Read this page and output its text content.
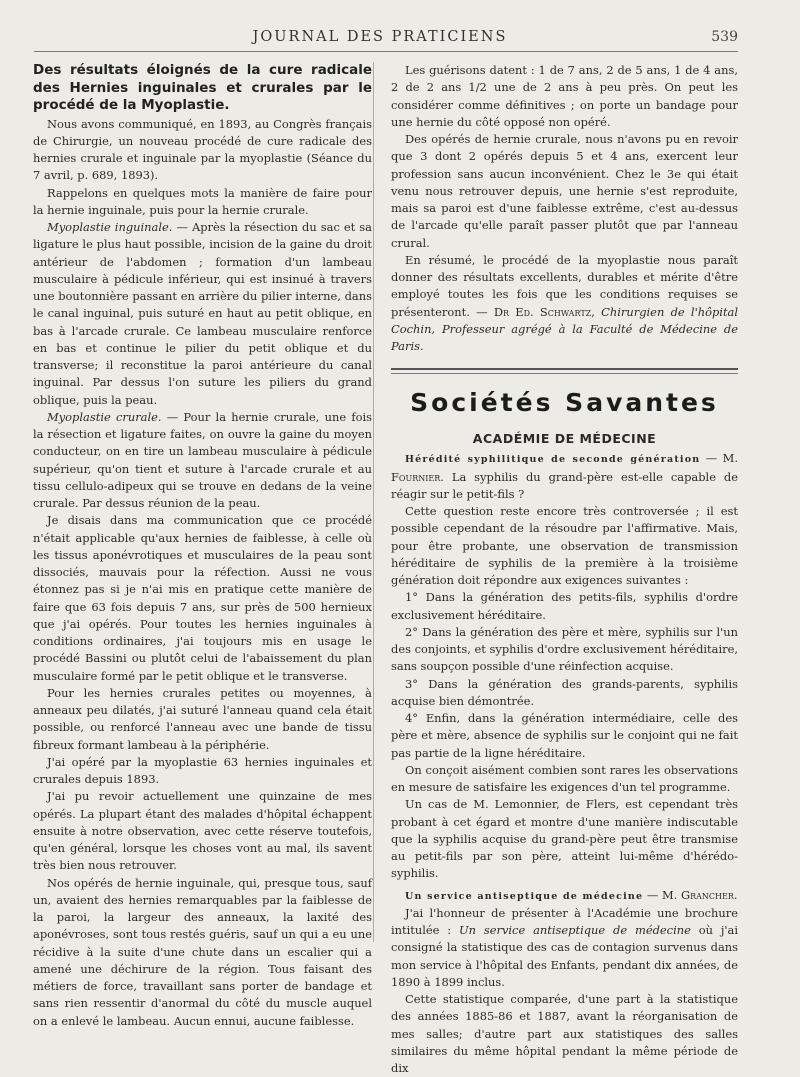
JOURNAL DES PRATICIENS	539
Des résultats éloignés de la cure radicale des Hernies inguinales et crurales par le procédé de la Myoplastie.

Nous avons communiqué, en 1893, au Congrès français de Chirurgie, un nouveau procédé de cure radicale des hernies crurale et inguinale par la myoplastie (Séance du 7 avril, p. 689, 1893).

Rappelons en quelques mots la manière de faire pour la hernie inguinale, puis pour la hernie crurale.

Myoplastie inguinale. — Après la résection du sac et sa ligature le plus haut possible, incision de la gaine du droit antérieur de l'abdomen ; formation d'un lambeau musculaire à pédicule inférieur, qui est insinué à travers une boutonnière passant en arrière du pilier interne, dans le canal inguinal, puis suturé en haut au petit oblique, en bas à l'arcade crurale. Ce lambeau musculaire renforce en bas et continue le pilier du petit oblique et du transverse; il reconstitue la paroi antérieure du canal inguinal. Par dessus l'on suture les piliers du grand oblique, puis la peau.

Myoplastie crurale. — Pour la hernie crurale, une fois la résection et ligature faites, on ouvre la gaine du moyen conducteur, on en tire un lambeau musculaire à pédicule supérieur, qu'on tient et suture à l'arcade crurale et au tissu cellulo-adipeux qui se trouve en dedans de la veine crurale. Par dessus réunion de la peau.

Je disais dans ma communication que ce procédé n'était applicable qu'aux hernies de faiblesse, à celle où les tissus aponévrotiques et musculaires de la peau sont dissociés, mauvais pour la réfection. Aussi ne vous étonnez pas si je n'ai mis en pratique cette manière de faire que 63 fois depuis 7 ans, sur près de 500 hernieux que j'ai opérés. Pour toutes les hernies inguinales à conditions ordinaires, j'ai toujours mis en usage le procédé Bassini ou plutôt celui de l'abaissement du plan musculaire formé par le petit oblique et le transverse.

Pour les hernies crurales petites ou moyennes, à anneaux peu dilatés, j'ai suturé l'anneau quand cela était possible, ou renforcé l'anneau avec une bande de tissu fibreux formant lambeau à la périphérie.

J'ai opéré par la myoplastie 63 hernies inguinales et crurales depuis 1893.

J'ai pu revoir actuellement une quinzaine de mes opérés. La plupart étant des malades d'hôpital échappent ensuite à notre observation, avec cette réserve toutefois, qu'en général, lorsque les choses vont au mal, ils savent très bien nous retrouver.

Nos opérés de hernie inguinale, qui, presque tous, sauf un, avaient des hernies remarquables par la faiblesse de la paroi, la largeur des anneaux, la laxité des aponévroses, sont tous restés guéris, sauf un qui a eu une récidive à la suite d'une chute dans un escalier qui a amené une déchirure de la région. Tous faisant des métiers de force, travaillant sans porter de bandage et sans rien ressentir d'anormal du côté du muscle auquel on a enlevé le lambeau. Aucun ennui, aucune faiblesse.

Les guérisons datent : 1 de 7 ans, 2 de 5 ans, 1 de 4 ans, 2 de 2 ans 1/2 une de 2 ans à peu près. On peut les considérer comme définitives ; on porte un bandage pour une hernie du côté opposé non opéré.

Des opérés de hernie crurale, nous n'avons pu en revoir que 3 dont 2 opérés depuis 5 et 4 ans, exercent leur profession sans aucun inconvénient. Chez le 3e qui était venu nous retrouver depuis, une hernie s'est reproduite, mais sa paroi est d'une faiblesse extrême, c'est au-dessus de l'arcade qu'elle paraît passer plutôt que par l'anneau crural.

En résumé, le procédé de la myoplastie nous paraît donner des résultats excellents, durables et mérite d'être employé toutes les fois que les conditions requises se présenteront. — Dr Ed. Schwartz, Chirurgien de l'hôpital Cochin, Professeur agrégé à la Faculté de Médecine de Paris.

Sociétés Savantes
ACADÉMIE DE MÉDECINE

Hérédité syphilitique de seconde génération — M. Fournier. La syphilis du grand-père est-elle capable de réagir sur le petit-fils ?

Cette question reste encore très controversée ; il est possible cependant de la résoudre par l'affirmative. Mais, pour être probante, une observation de transmission héréditaire de syphilis de la première à la troisième génération doit répondre aux exigences suivantes :

1° Dans la génération des petits-fils, syphilis d'ordre exclusivement héréditaire.

2° Dans la génération des père et mère, syphilis sur l'un des conjoints, et syphilis d'ordre exclusivement héréditaire, sans soupçon possible d'une réinfection acquise.

3° Dans la génération des grands-parents, syphilis acquise bien démontrée.

4° Enfin, dans la génération intermédiaire, celle des père et mère, absence de syphilis sur le conjoint qui ne fait pas partie de la ligne héréditaire.

On conçoit aisément combien sont rares les observations en mesure de satisfaire les exigences d'un tel programme.

Un cas de M. Lemonnier, de Flers, est cependant très probant à cet égard et montre d'une manière indiscutable que la syphilis acquise du grand-père peut être transmise au petit-fils par son père, atteint lui-même d'hérédo-syphilis.

Un service antiseptique de médecine — M. Grancher.

J'ai l'honneur de présenter à l'Académie une brochure intitulée : Un service antiseptique de médecine où j'ai consigné la statistique des cas de contagion survenus dans mon service à l'hôpital des Enfants, pendant dix années, de 1890 à 1899 inclus.

Cette statistique comparée, d'une part à la statistique des années 1885-86 et 1887, avant la réorganisation de mes salles; d'autre part aux statistiques des salles similaires du même hôpital pendant la même période de dix
